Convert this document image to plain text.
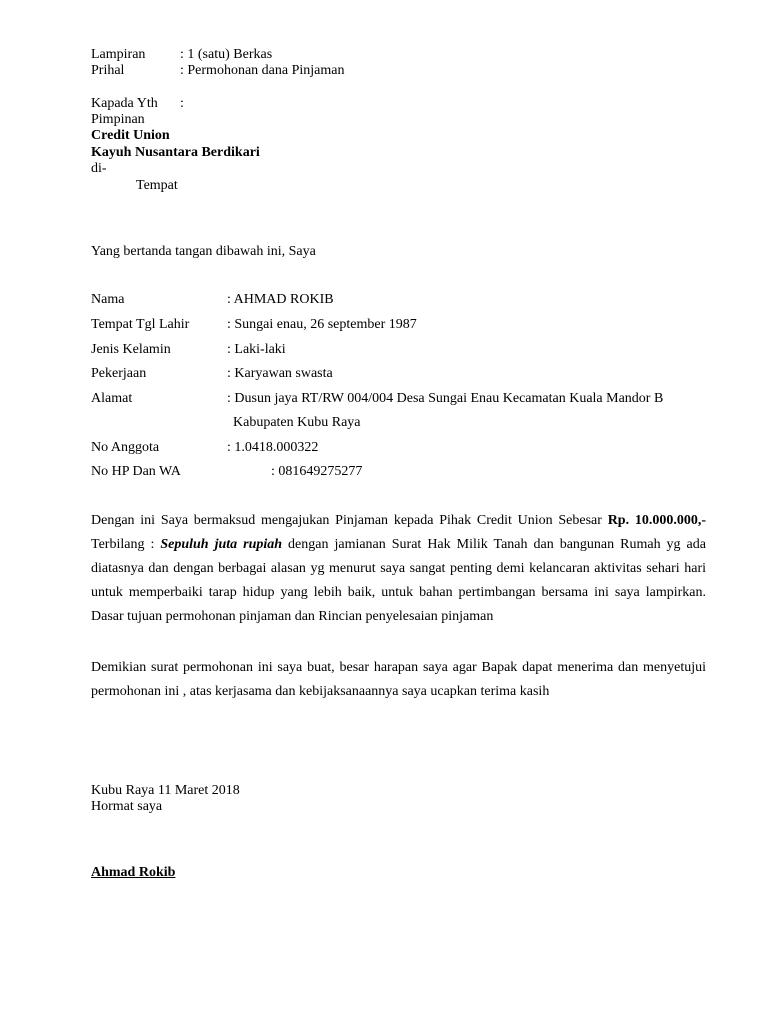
Lampiran : 1 (satu) Berkas
Prihal	: Permohonan dana Pinjaman
Kapada Yth :
Pimpinan
Credit Union
Kayuh Nusantara Berdikari
di-
Tempat
Yang bertanda tangan dibawah ini, Saya
Nama	: AHMAD ROKIB
Tempat Tgl Lahir	: Sungai enau, 26 september 1987
Jenis Kelamin	: Laki-laki
Pekerjaan	: Karyawan swasta
Alamat	: Dusun jaya RT/RW 004/004 Desa Sungai Enau Kecamatan Kuala Mandor B
Kabupaten Kubu Raya
No Anggota	: 1.0418.000322
No HP Dan WA	: 081649275277
Dengan ini Saya bermaksud mengajukan Pinjaman kepada Pihak Credit Union Sebesar Rp. 10.000.000,- Terbilang : Sepuluh juta rupiah dengan jamianan Surat Hak Milik Tanah dan bangunan Rumah yg ada diatasnya dan dengan berbagai alasan yg menurut saya sangat penting demi kelancaran aktivitas sehari hari untuk memperbaiki tarap hidup yang lebih baik, untuk bahan pertimbangan bersama ini saya lampirkan. Dasar tujuan permohonan pinjaman dan Rincian penyelesaian pinjaman
Demikian surat permohonan ini saya buat, besar harapan saya agar Bapak dapat menerima dan menyetujui permohonan ini , atas kerjasama dan kebijaksanaannya saya ucapkan terima kasih
Kubu Raya 11 Maret 2018
Hormat saya
Ahmad Rokib
